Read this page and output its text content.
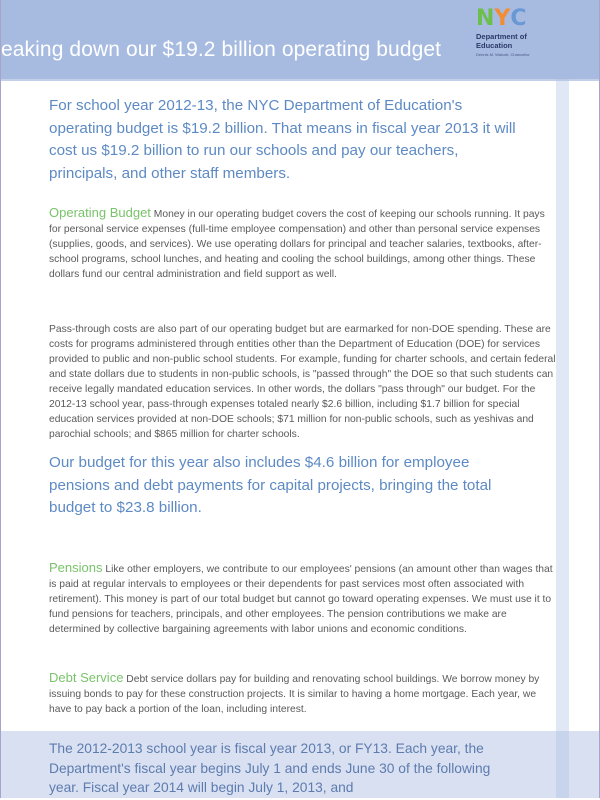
eaking down our $19.2 billion operating budget
N Y C
Department of Education
Dennis M. Walcott, Chancellor

For school year 2012-13, the NYC Department of Education's operating budget is $19.2 billion. That means in fiscal year 2013 it will cost us $19.2 billion to run our schools and pay our teachers, principals, and other staff members.

Operating Budget Money in our operating budget covers the cost of keeping our schools running. It pays for personal service expenses (full-time employee compensation) and other than personal service expenses (supplies, goods, and services). We use operating dollars for principal and teacher salaries, textbooks, after-school programs, school lunches, and heating and cooling the school buildings, among other things. These dollars fund our central administration and field support as well.

Pass-through costs are also part of our operating budget but are earmarked for non-DOE spending. These are costs for programs administered through entities other than the Department of Education (DOE) for services provided to public and non-public school students. For example, funding for charter schools, and certain federal and state dollars due to students in non-public schools, is "passed through" the DOE so that such students can receive legally mandated education services. In other words, the dollars "pass through" our budget. For the 2012-13 school year, pass-through expenses totaled nearly $2.6 billion, including $1.7 billion for special education services provided at non-DOE schools; $71 million for non-public schools, such as yeshivas and parochial schools; and $865 million for charter schools.

Our budget for this year also includes $4.6 billion for employee pensions and debt payments for capital projects, bringing the total budget to $23.8 billion.

Pensions Like other employers, we contribute to our employees' pensions (an amount other than wages that is paid at regular intervals to employees or their dependents for past services most often associated with retirement). This money is part of our total budget but cannot go toward operating expenses. We must use it to fund pensions for teachers, principals, and other employees. The pension contributions we make are determined by collective bargaining agreements with labor unions and economic conditions.

Debt Service Debt service dollars pay for building and renovating school buildings. We borrow money by issuing bonds to pay for these construction projects. It is similar to having a home mortgage. Each year, we have to pay back a portion of the loan, including interest.

The 2012-2013 school year is fiscal year 2013, or FY13. Each year, the Department's fiscal year begins July 1 and ends June 30 of the following year. Fiscal year 2014 will begin July 1, 2013, and
